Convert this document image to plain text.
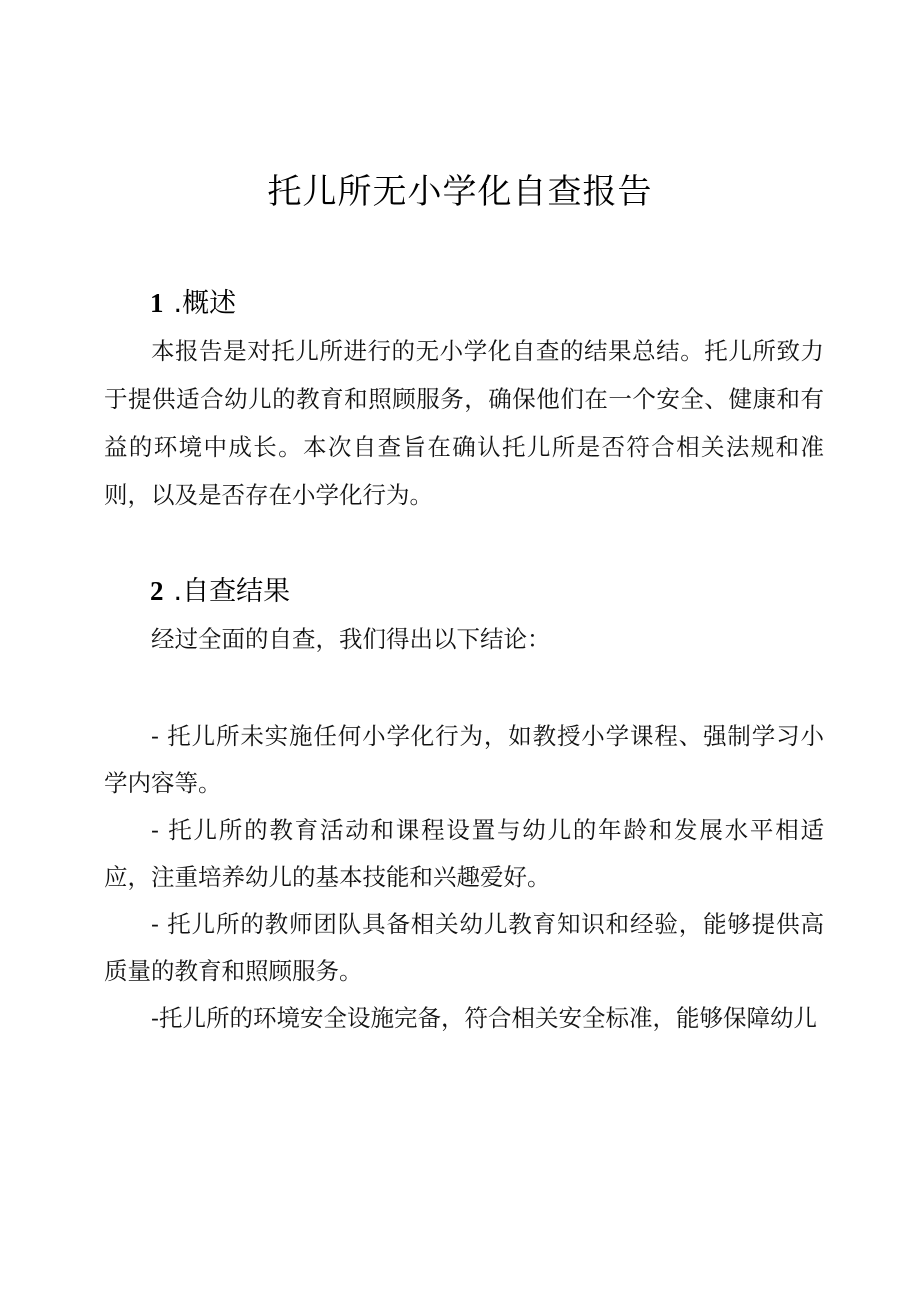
托儿所无小学化自查报告
1 .概述

本报告是对托儿所进行的无小学化自查的结果总结。托儿所致力于提供适合幼儿的教育和照顾服务，确保他们在一个安全、健康和有益的环境中成长。本次自查旨在确认托儿所是否符合相关法规和准则，以及是否存在小学化行为。

2 .自查结果

经过全面的自查，我们得出以下结论：

- 托儿所未实施任何小学化行为，如教授小学课程、强制学习小学内容等。
- 托儿所的教育活动和课程设置与幼儿的年龄和发展水平相适应，注重培养幼儿的基本技能和兴趣爱好。
- 托儿所的教师团队具备相关幼儿教育知识和经验，能够提供高质量的教育和照顾服务。
-托儿所的环境安全设施完备，符合相关安全标准，能够保障幼儿
